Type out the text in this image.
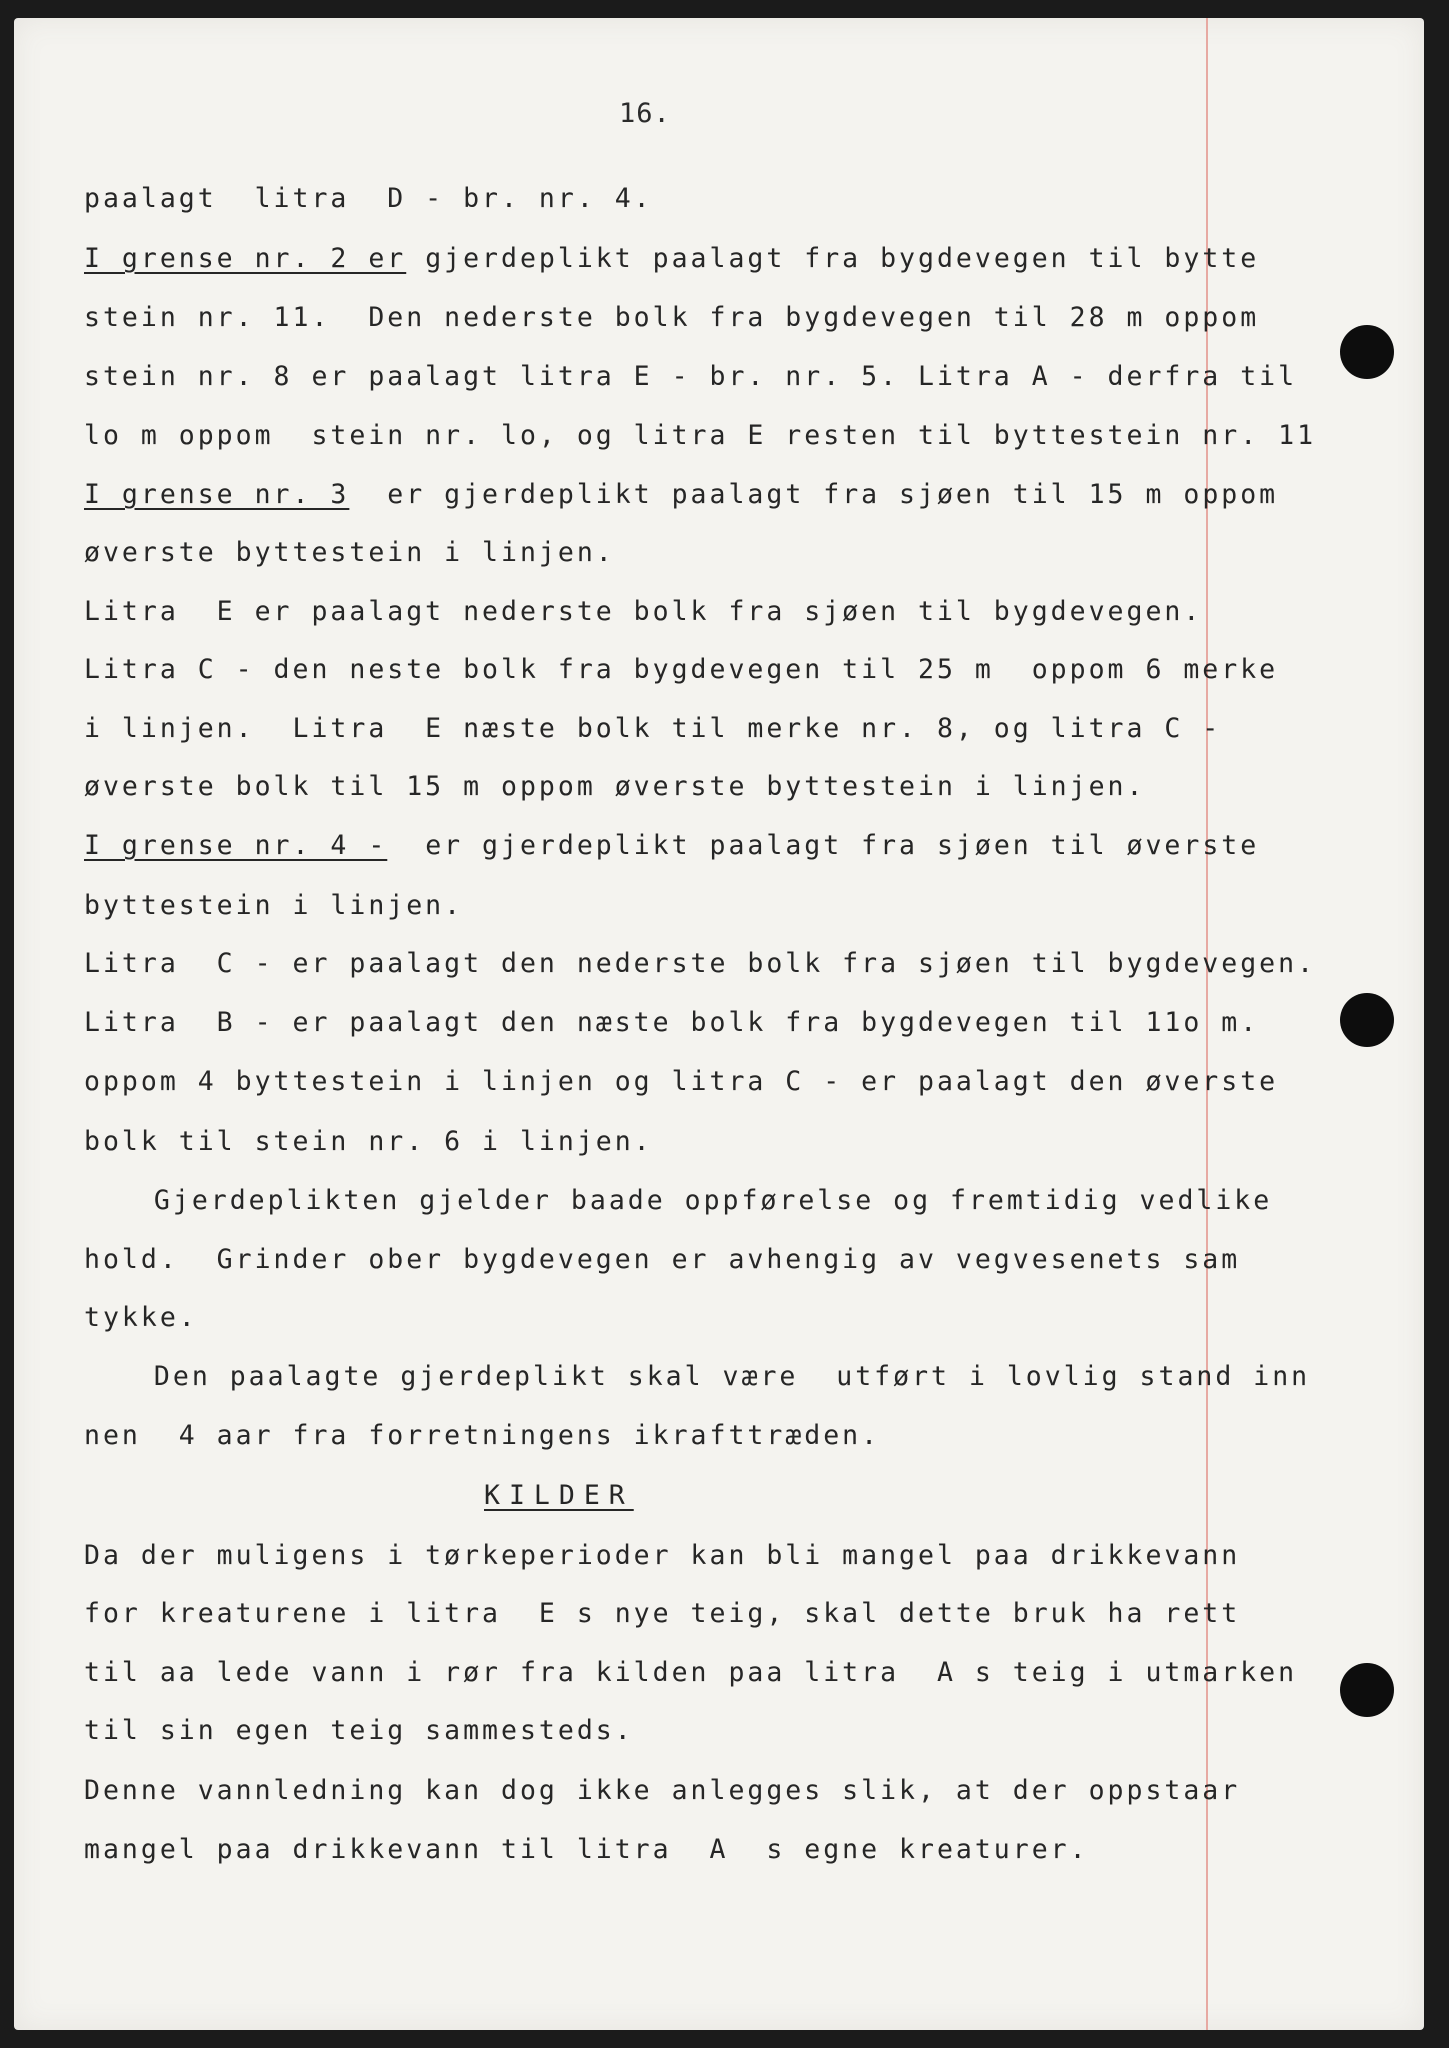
16.
paalagt  litra  D - br. nr. 4.
I grense nr. 2 er gjerdeplikt paalagt fra bygdevegen til bytte
stein nr. 11.  Den nederste bolk fra bygdevegen til 28 m oppom
stein nr. 8 er paalagt litra E - br. nr. 5. Litra A - derfra til
lo m oppom  stein nr. lo, og litra E resten til byttestein nr. 11
I grense nr. 3  er gjerdeplikt paalagt fra sjøen til 15 m oppom
øverste byttestein i linjen.
Litra  E er paalagt nederste bolk fra sjøen til bygdevegen.
Litra C - den neste bolk fra bygdevegen til 25 m  oppom 6 merke
i linjen.  Litra  E næste bolk til merke nr. 8, og litra C -
øverste bolk til 15 m oppom øverste byttestein i linjen.
I grense nr. 4 -  er gjerdeplikt paalagt fra sjøen til øverste
byttestein i linjen.
Litra  C - er paalagt den nederste bolk fra sjøen til bygdevegen.
Litra  B - er paalagt den næste bolk fra bygdevegen til 11o m.
oppom 4 byttestein i linjen og litra C - er paalagt den øverste
bolk til stein nr. 6 i linjen.
Gjerdeplikten gjelder baade oppførelse og fremtidig vedlike
hold.  Grinder ober bygdevegen er avhengig av vegvesenets sam
tykke.
Den paalagte gjerdeplikt skal være  utført i lovlig stand inn
nen  4 aar fra forretningens ikrafttræden.
KILDER
Da der muligens i tørkeperioder kan bli mangel paa drikkevann
for kreaturene i litra  E s nye teig, skal dette bruk ha rett
til aa lede vann i rør fra kilden paa litra  A s teig i utmarken
til sin egen teig sammesteds.
Denne vannledning kan dog ikke anlegges slik, at der oppstaar
mangel paa drikkevann til litra  A  s egne kreaturer.
